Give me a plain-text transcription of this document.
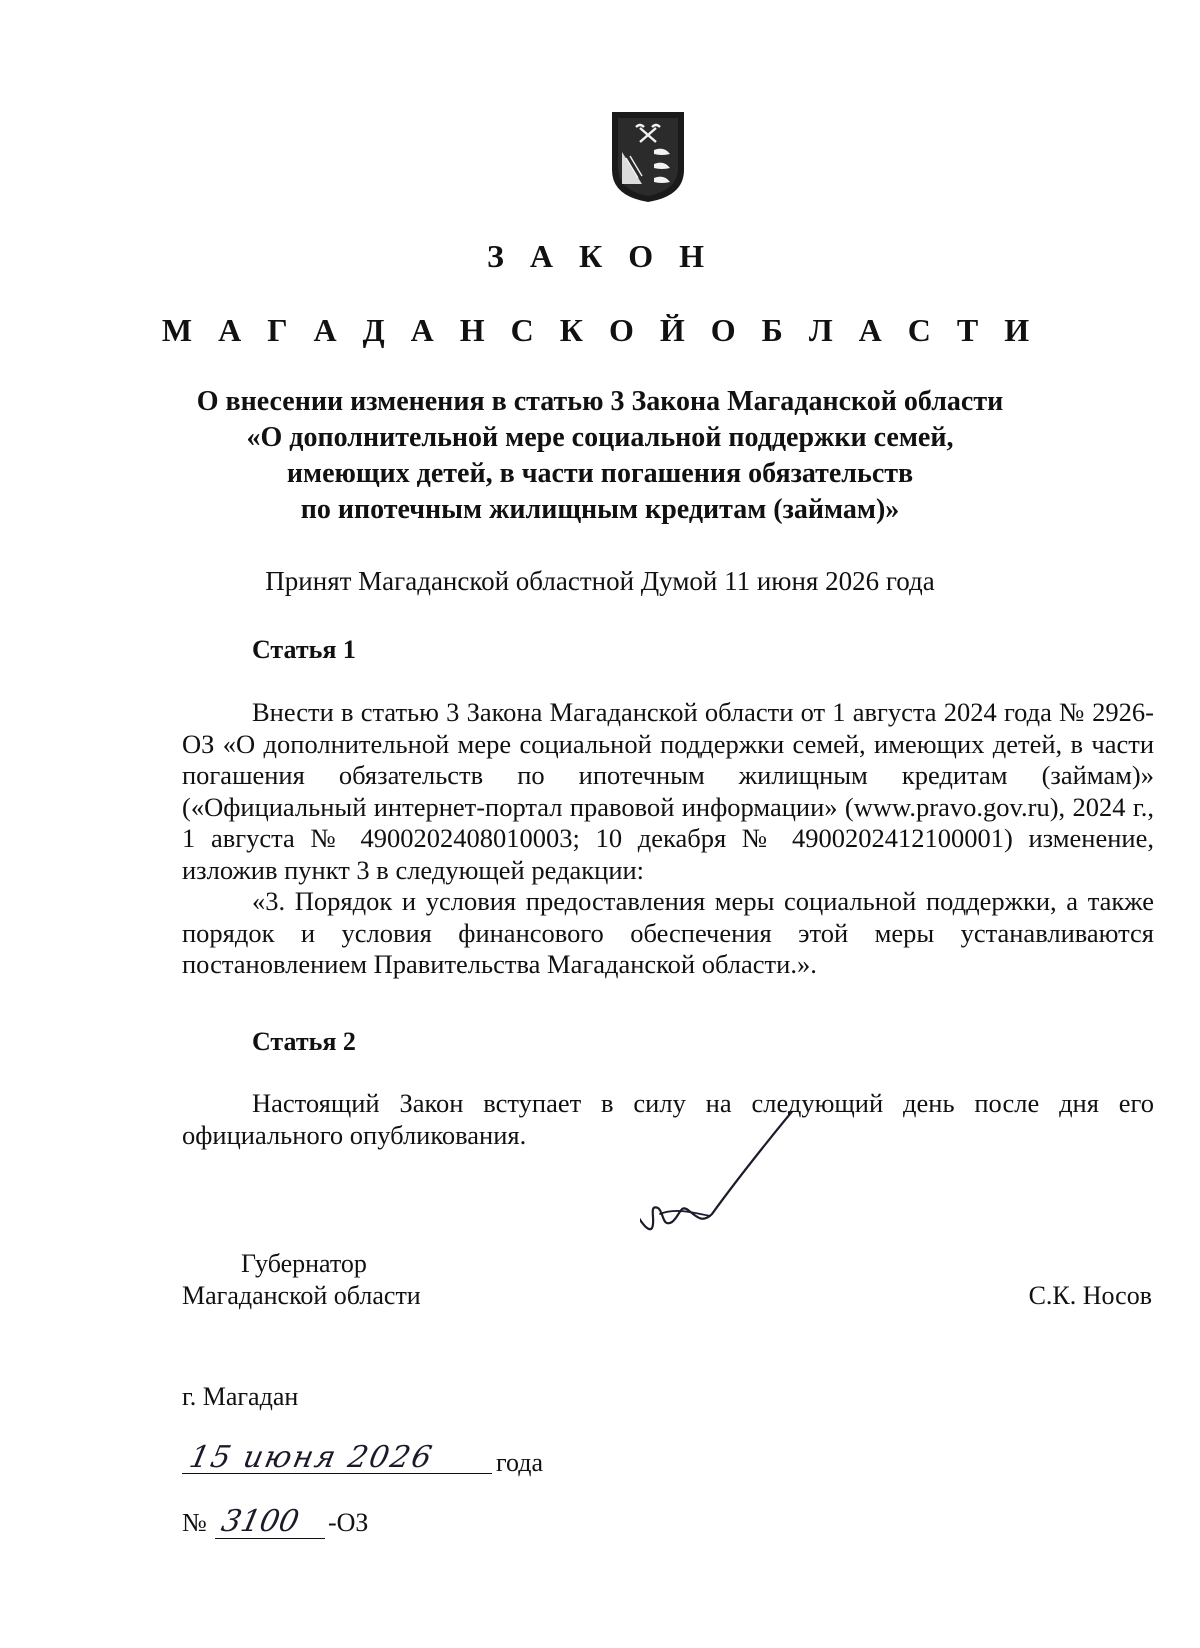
З А К О Н
М А Г А Д А Н С К О Й О Б Л А С Т И
О внесении изменения в статью 3 Закона Магаданской области
«О дополнительной мере социальной поддержки семей,
имеющих детей, в части погашения обязательств
по ипотечным жилищным кредитам (займам)»

Принят Магаданской областной Думой 11 июня 2026 года

Статья 1

Внести в статью 3 Закона Магаданской области от 1 августа 2024 года № 2926-ОЗ «О дополнительной мере социальной поддержки семей, имеющих детей, в части погашения обязательств по ипотечным жилищным кредитам (займам)» («Официальный интернет-портал правовой информации» (www.pravo.gov.ru), 2024 г., 1 августа № 4900202408010003; 10 декабря № 4900202412100001) изменение, изложив пункт 3 в следующей редакции:

«3. Порядок и условия предоставления меры социальной поддержки, а также порядок и условия финансового обеспечения этой меры устанавливаются постановлением Правительства Магаданской области.».

Статья 2

Настоящий Закон вступает в силу на следующий день после дня его официального опубликования.

Губернатор

Магаданской области	С.К. Носов

г. Магадан

15 июня 2026 года

№ 3100 -ОЗ
